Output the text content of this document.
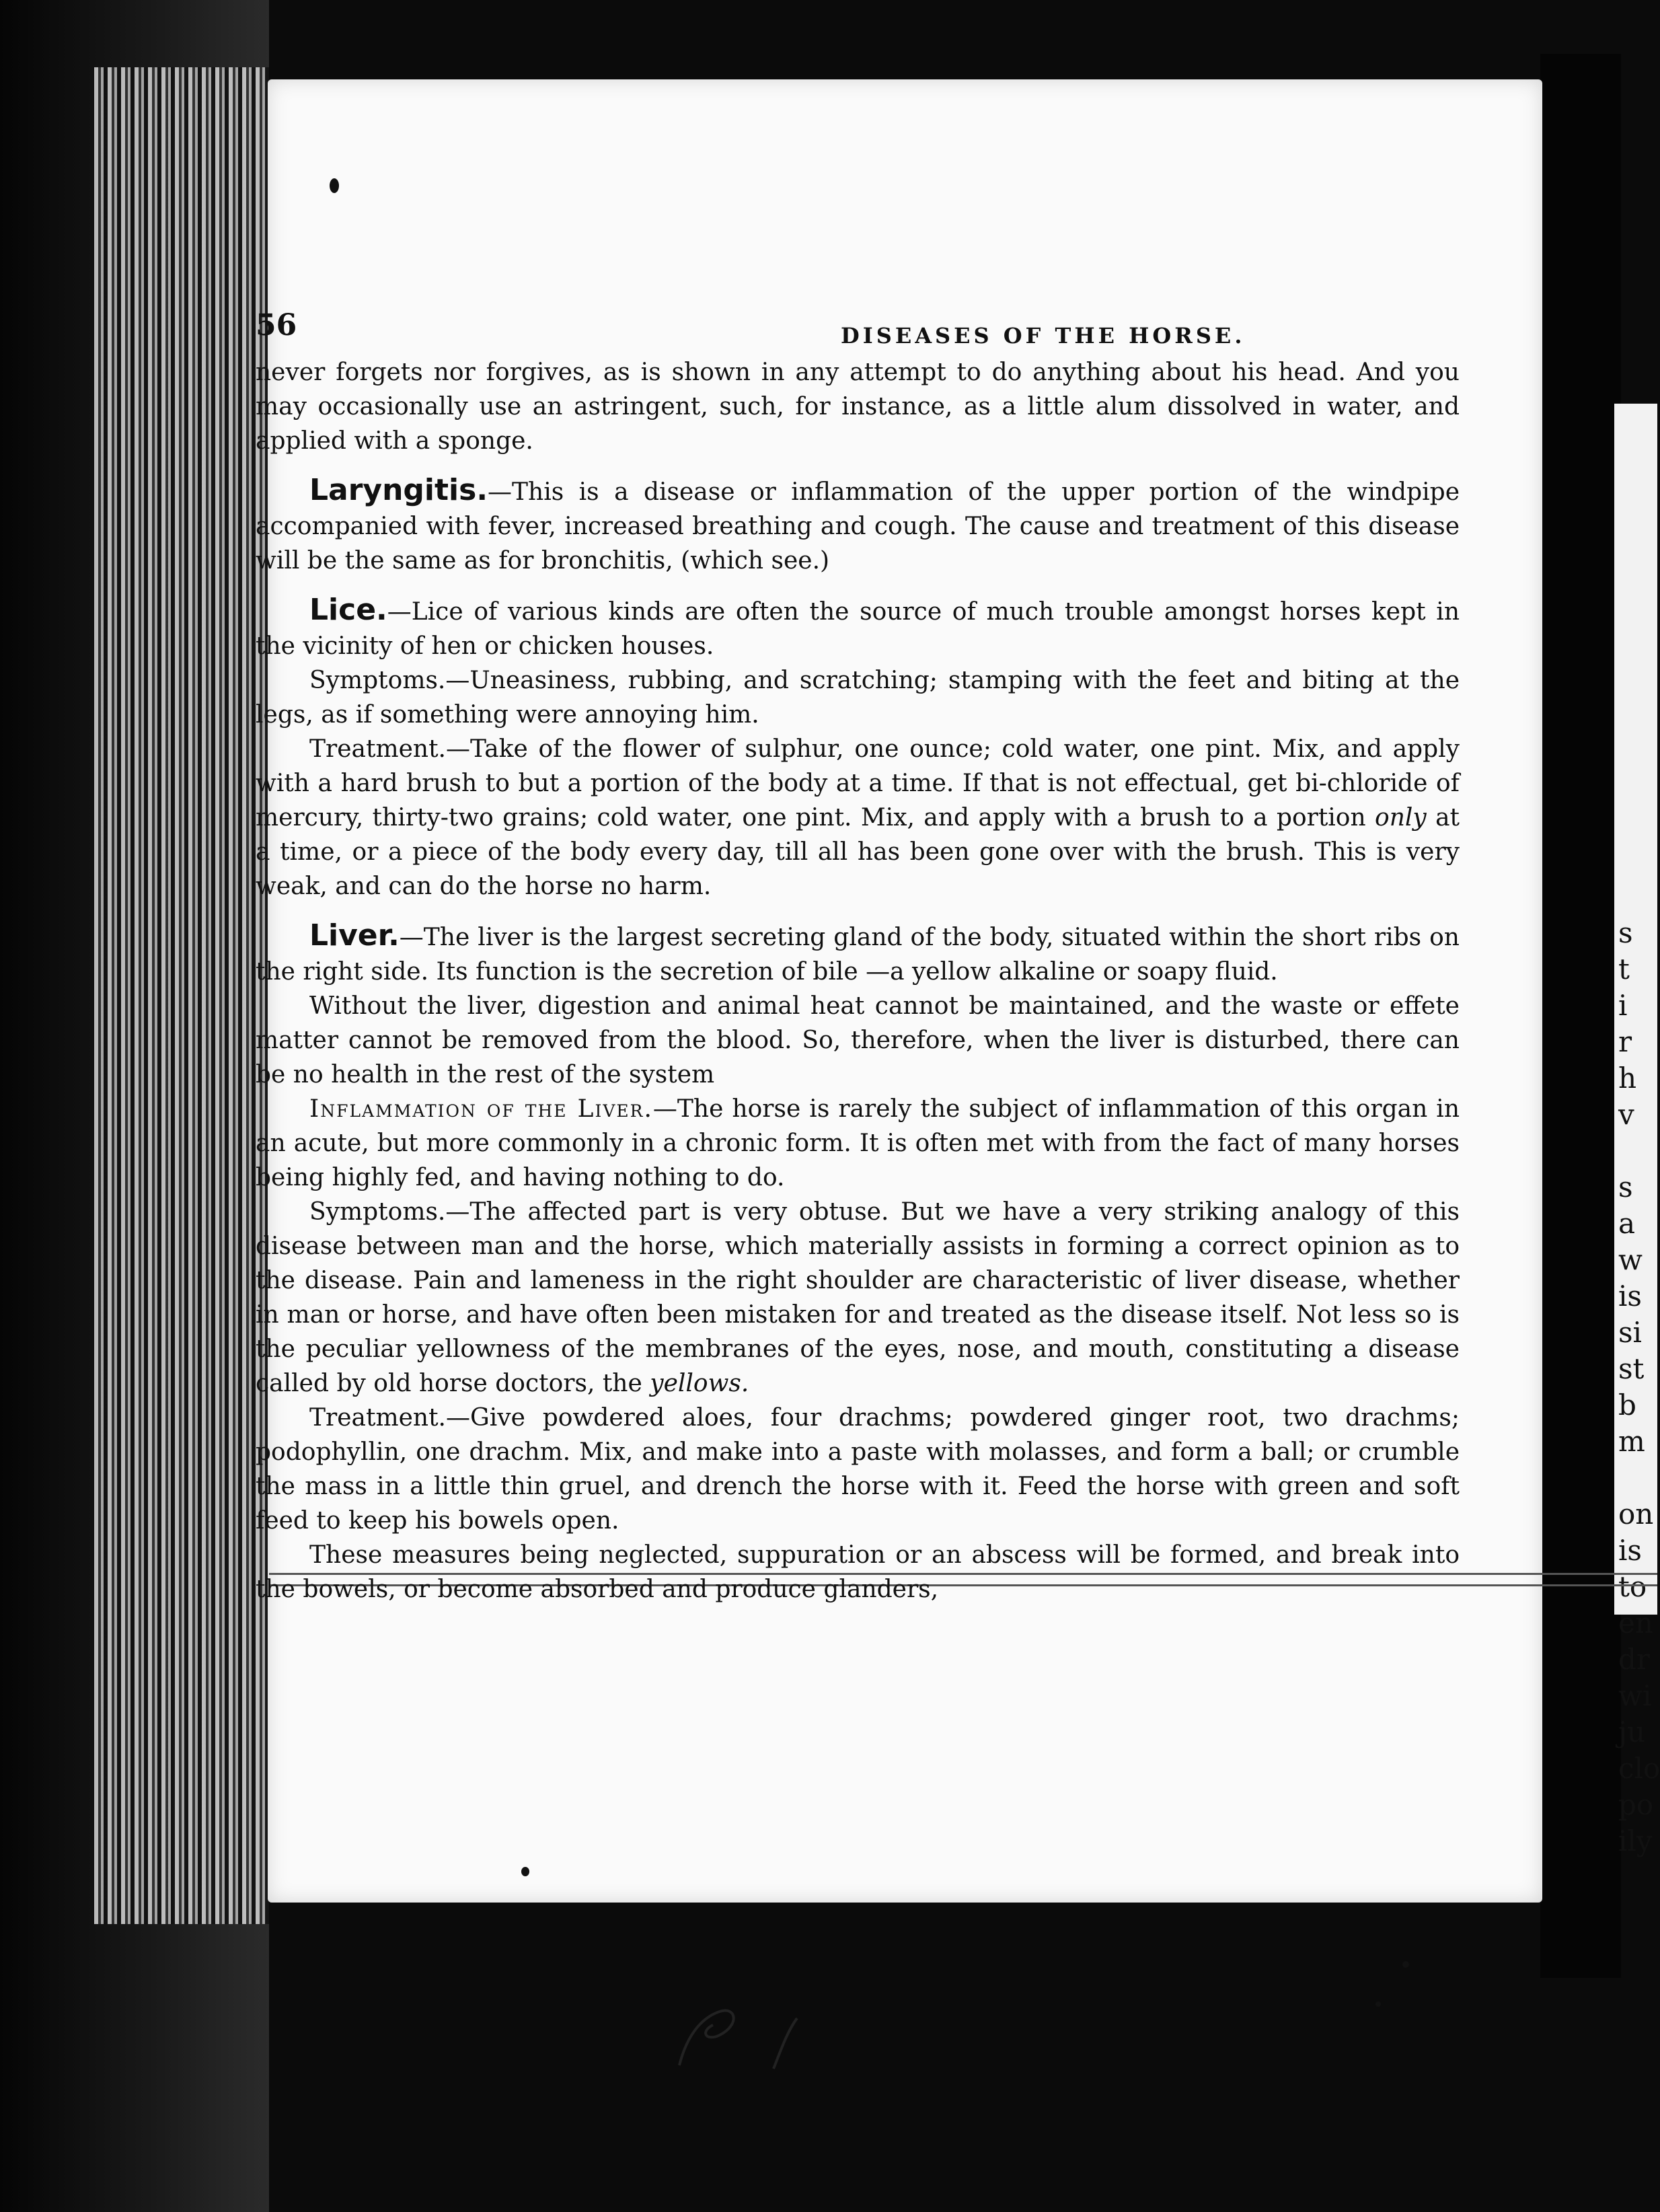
s
t
i
r
h
v

s
a
w
is
si
st
b
m

on
is
to
en
dr
wi
ju
clo
po
ily
56	DISEASES OF THE HORSE.

never forgets nor forgives, as is shown in any attempt to do anything about his head. And you may occasionally use an astringent, such, for instance, as a little alum dissolved in water, and applied with a sponge.

Laryngitis.—This is a disease or inflammation of the upper portion of the windpipe accompanied with fever, increased breathing and cough. The cause and treatment of this disease will be the same as for bronchitis, (which see.)

Lice.—Lice of various kinds are often the source of much trouble amongst horses kept in the vicinity of hen or chicken houses.

Symptoms.—Uneasiness, rubbing, and scratching; stamping with the feet and biting at the legs, as if something were annoying him.

Treatment.—Take of the flower of sulphur, one ounce; cold water, one pint. Mix, and apply with a hard brush to but a portion of the body at a time. If that is not effectual, get bi-chloride of mercury, thirty-two grains; cold water, one pint. Mix, and apply with a brush to a portion only at a time, or a piece of the body every day, till all has been gone over with the brush. This is very weak, and can do the horse no harm.

Liver.—The liver is the largest secreting gland of the body, situated within the short ribs on the right side. Its function is the secretion of bile —a yellow alkaline or soapy fluid.

Without the liver, digestion and animal heat cannot be maintained, and the waste or effete matter cannot be removed from the blood. So, therefore, when the liver is disturbed, there can be no health in the rest of the system

Inflammation of the Liver.—The horse is rarely the subject of inflammation of this organ in an acute, but more commonly in a chronic form. It is often met with from the fact of many horses being highly fed, and having nothing to do.

Symptoms.—The affected part is very obtuse. But we have a very striking analogy of this disease between man and the horse, which materially assists in forming a correct opinion as to the disease. Pain and lameness in the right shoulder are characteristic of liver disease, whether in man or horse, and have often been mistaken for and treated as the disease itself. Not less so is the peculiar yellowness of the membranes of the eyes, nose, and mouth, constituting a disease called by old horse doctors, the yellows.

Treatment.—Give powdered aloes, four drachms; powdered ginger root, two drachms; podophyllin, one drachm. Mix, and make into a paste with molasses, and form a ball; or crumble the mass in a little thin gruel, and drench the horse with it. Feed the horse with green and soft feed to keep his bowels open.

These measures being neglected, suppuration or an abscess will be formed, and break into the bowels, or become absorbed and produce glanders,
